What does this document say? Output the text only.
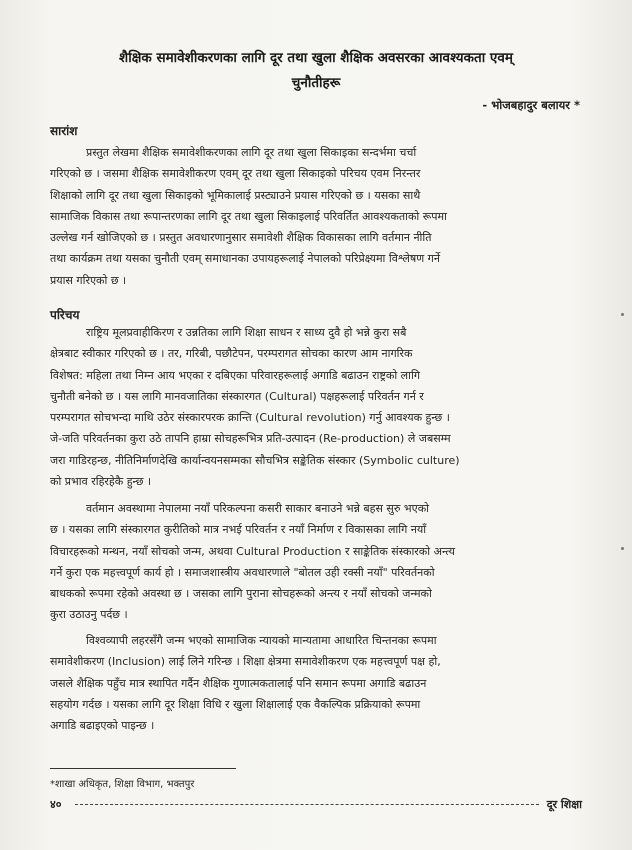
शैक्षिक समावेशीकरणका लागि दूर तथा खुला शैक्षिक अवसरका आवश्यकता एवम्
चुनौतीहरू
- भोजबहादुर बलायर *
सारांश
प्रस्तुत लेखमा शैक्षिक समावेशीकरणका लागि दूर तथा खुला सिकाइका सन्दर्भमा चर्चा
गरिएको छ । जसमा शैक्षिक समावेशीकरण एवम् दूर तथा खुला सिकाइको परिचय एवम निरन्तर
शिक्षाको लागि दूर तथा खुला सिकाइको भूमिकालाई प्रस्ट्याउने प्रयास गरिएको छ । यसका साथै
सामाजिक विकास तथा रूपान्तरणका लागि दूर तथा खुला सिकाइलाई परिवर्तित आवश्यकताको रूपमा
उल्लेख गर्न खोजिएको छ । प्रस्तुत अवधारणानुसार समावेशी शैक्षिक विकासका लागि वर्तमान नीति
तथा कार्यक्रम तथा यसका चुनौती एवम् समाधानका उपायहरूलाई नेपालको परिप्रेक्ष्यमा विश्लेषण गर्ने
प्रयास गरिएको छ ।
परिचय
राष्ट्रिय मूलप्रवाहीकिरण र उन्नतिका लागि शिक्षा साधन र साध्य दुवै हो भन्ने कुरा सबै
क्षेत्रबाट स्वीकार गरिएको छ । तर, गरिबी, पछौटेपन, परम्परागत सोचका कारण आम नागरिक
विशेषत: महिला तथा निम्न आय भएका र दबिएका परिवारहरूलाई अगाडि बढाउन राष्ट्रको लागि
चुनौती बनेको छ । यस लागि मानवजातिका संस्कारगत (Cultural) पक्षहरूलाई परिवर्तन गर्न र
परम्परागत सोचभन्दा माथि उठेर संस्कारपरक क्रान्ति (Cultural revolution) गर्नु आवश्यक हुन्छ ।
जे-जति परिवर्तनका कुरा उठे तापनि हाम्रा सोचहरूभित्र प्रति-उत्पादन (Re-production) ले जबसम्म
जरा गाडिरहन्छ, नीतिनिर्माणदेखि कार्यान्वयनसम्मका सौचभित्र सङ्केतिक संस्कार (Symbolic culture)
को प्रभाव रहिरहेकै हुन्छ ।
वर्तमान अवस्थामा नेपालमा नयाँ परिकल्पना कसरी साकार बनाउने भन्ने बहस सुरु भएको
छ । यसका लागि संस्कारगत कुरीतिको मात्र नभई परिवर्तन र नयाँ निर्माण र विकासका लागि नयाँ
विचारहरूको मन्थन, नयाँ सोचको जन्म, अथवा Cultural Production र साङ्केतिक संस्कारको अन्त्य
गर्ने कुरा एक महत्त्वपूर्ण कार्य हो । समाजशास्त्रीय अवधारणाले "बोतल उही रक्सी नयाँ" परिवर्तनको
बाधकको रूपमा रहेको अवस्था छ । जसका लागि पुराना सोचहरूको अन्त्य र नयाँ सोचको जन्मको
कुरा उठाउनु पर्दछ ।
विश्वव्यापी लहरसँगै जन्म भएको सामाजिक न्यायको मान्यतामा आधारित चिन्तनका रूपमा
समावेशीकरण (Inclusion) लाई लिने गरिन्छ । शिक्षा क्षेत्रमा समावेशीकरण एक महत्त्वपूर्ण पक्ष हो,
जसले शैक्षिक पहुँच मात्र स्थापित गर्दैन शैक्षिक गुणात्मकतालाई पनि समान रूपमा अगाडि बढाउन
सहयोग गर्दछ । यसका लागि दूर शिक्षा विधि र खुला शिक्षालाई एक वैकल्पिक प्रक्रियाको रूपमा
अगाडि बढाइएको पाइन्छ ।
*शाखा अधिकृत, शिक्षा विभाग, भक्तपुर
४०	दूर शिक्षा
